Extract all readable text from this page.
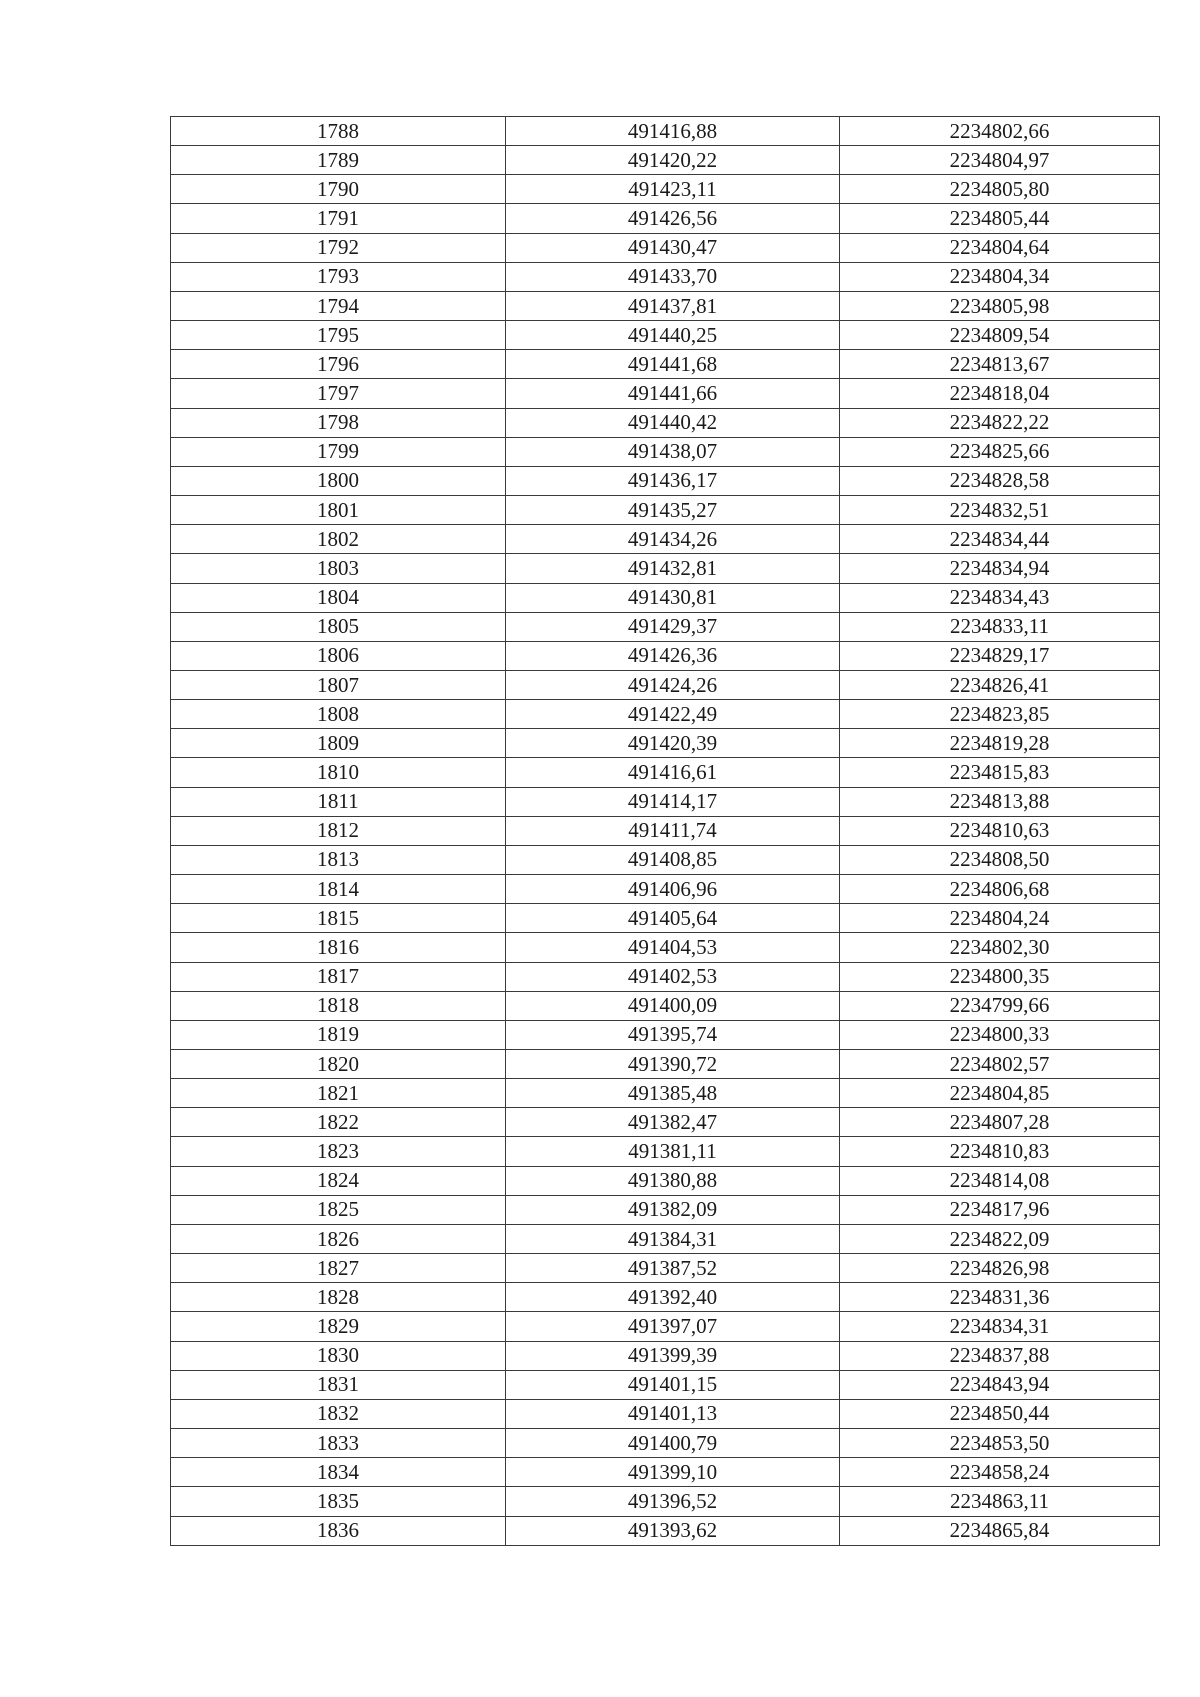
1788	491416,88	2234802,66
1789	491420,22	2234804,97
1790	491423,11	2234805,80
1791	491426,56	2234805,44
1792	491430,47	2234804,64
1793	491433,70	2234804,34
1794	491437,81	2234805,98
1795	491440,25	2234809,54
1796	491441,68	2234813,67
1797	491441,66	2234818,04
1798	491440,42	2234822,22
1799	491438,07	2234825,66
1800	491436,17	2234828,58
1801	491435,27	2234832,51
1802	491434,26	2234834,44
1803	491432,81	2234834,94
1804	491430,81	2234834,43
1805	491429,37	2234833,11
1806	491426,36	2234829,17
1807	491424,26	2234826,41
1808	491422,49	2234823,85
1809	491420,39	2234819,28
1810	491416,61	2234815,83
1811	491414,17	2234813,88
1812	491411,74	2234810,63
1813	491408,85	2234808,50
1814	491406,96	2234806,68
1815	491405,64	2234804,24
1816	491404,53	2234802,30
1817	491402,53	2234800,35
1818	491400,09	2234799,66
1819	491395,74	2234800,33
1820	491390,72	2234802,57
1821	491385,48	2234804,85
1822	491382,47	2234807,28
1823	491381,11	2234810,83
1824	491380,88	2234814,08
1825	491382,09	2234817,96
1826	491384,31	2234822,09
1827	491387,52	2234826,98
1828	491392,40	2234831,36
1829	491397,07	2234834,31
1830	491399,39	2234837,88
1831	491401,15	2234843,94
1832	491401,13	2234850,44
1833	491400,79	2234853,50
1834	491399,10	2234858,24
1835	491396,52	2234863,11
1836	491393,62	2234865,84
